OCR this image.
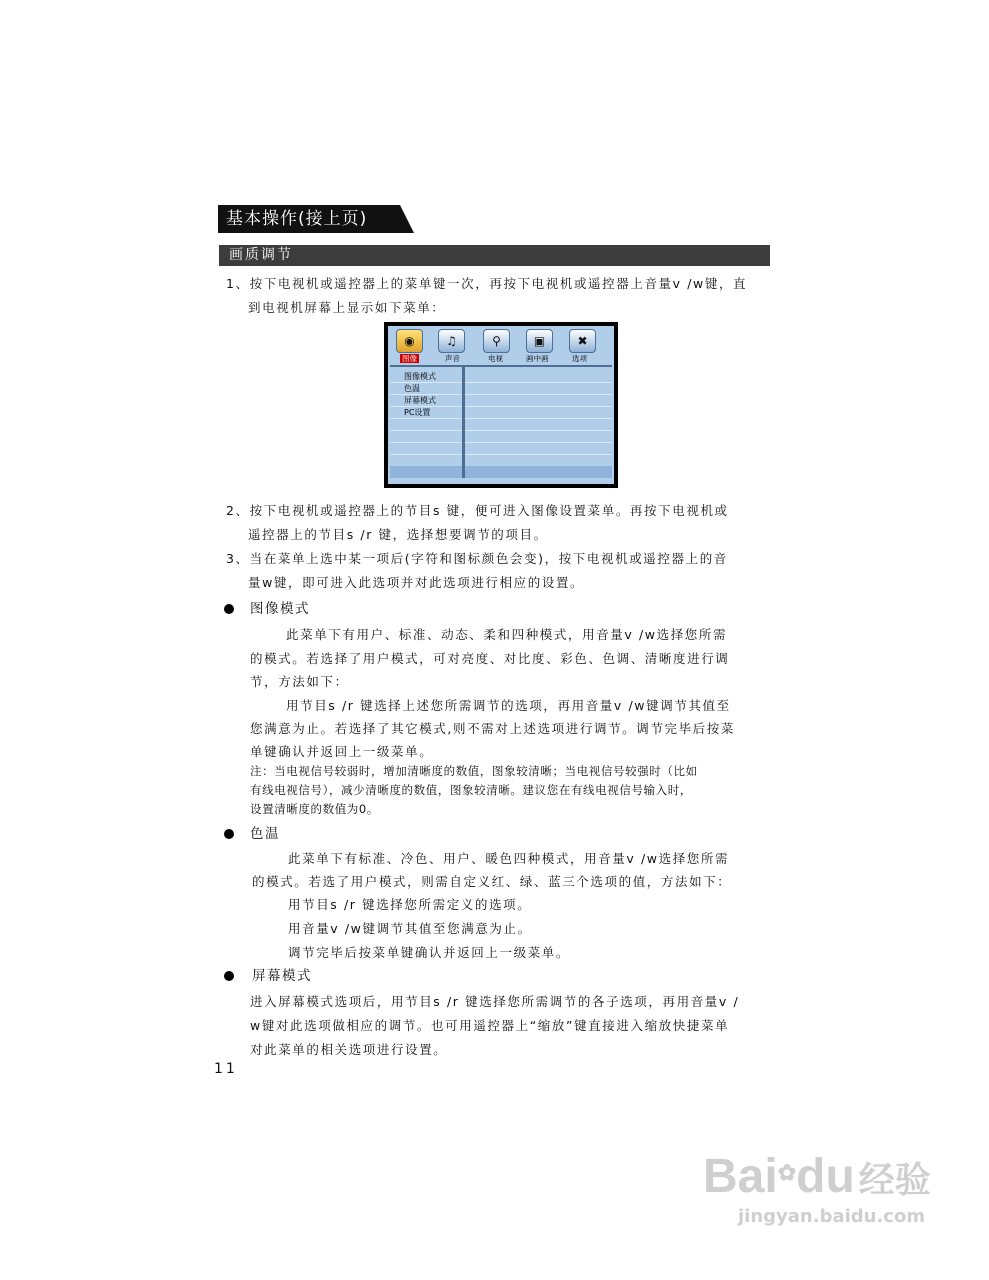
基本操作(接上页)
画质调节
1、按下电视机或遥控器上的菜单键一次，再按下电视机或遥控器上音量v /w键，直
到电视机屏幕上显示如下菜单：
◉	♫	⚲	▣	✖
图像	声音	电视	画中画	选项
图像模式
色温
屏幕模式
PC设置
2、按下电视机或遥控器上的节目s 键，便可进入图像设置菜单。再按下电视机或
遥控器上的节目s /r 键，选择想要调节的项目。
3、当在菜单上选中某一项后(字符和图标颜色会变)，按下电视机或遥控器上的音
量w键，即可进入此选项并对此选项进行相应的设置。
图像模式
此菜单下有用户、标准、动态、柔和四种模式，用音量v /w选择您所需
的模式。若选择了用户模式，可对亮度、对比度、彩色、色调、清晰度进行调
节，方法如下：
用节目s /r 键选择上述您所需调节的选项，再用音量v /w键调节其值至
您满意为止。若选择了其它模式,则不需对上述选项进行调节。调节完毕后按菜
单键确认并返回上一级菜单。
注：当电视信号较弱时，增加清晰度的数值，图象较清晰；当电视信号较强时（比如
有线电视信号），减少清晰度的数值，图象较清晰。建议您在有线电视信号输入时，
设置清晰度的数值为0。
色温
此菜单下有标准、冷色、用户、暖色四种模式，用音量v /w选择您所需
的模式。若选了用户模式，则需自定义红、绿、蓝三个选项的值，方法如下：
用节目s /r 键选择您所需定义的选项。
用音量v /w键调节其值至您满意为止。
调节完毕后按菜单键确认并返回上一级菜单。
屏幕模式
进入屏幕模式选项后，用节目s /r 键选择您所需调节的各子选项，再用音量v /
w键对此选项做相应的调节。也可用遥控器上“缩放”键直接进入缩放快捷菜单
对此菜单的相关选项进行设置。
11
Bai✿du 经验
jingyan.baidu.com
